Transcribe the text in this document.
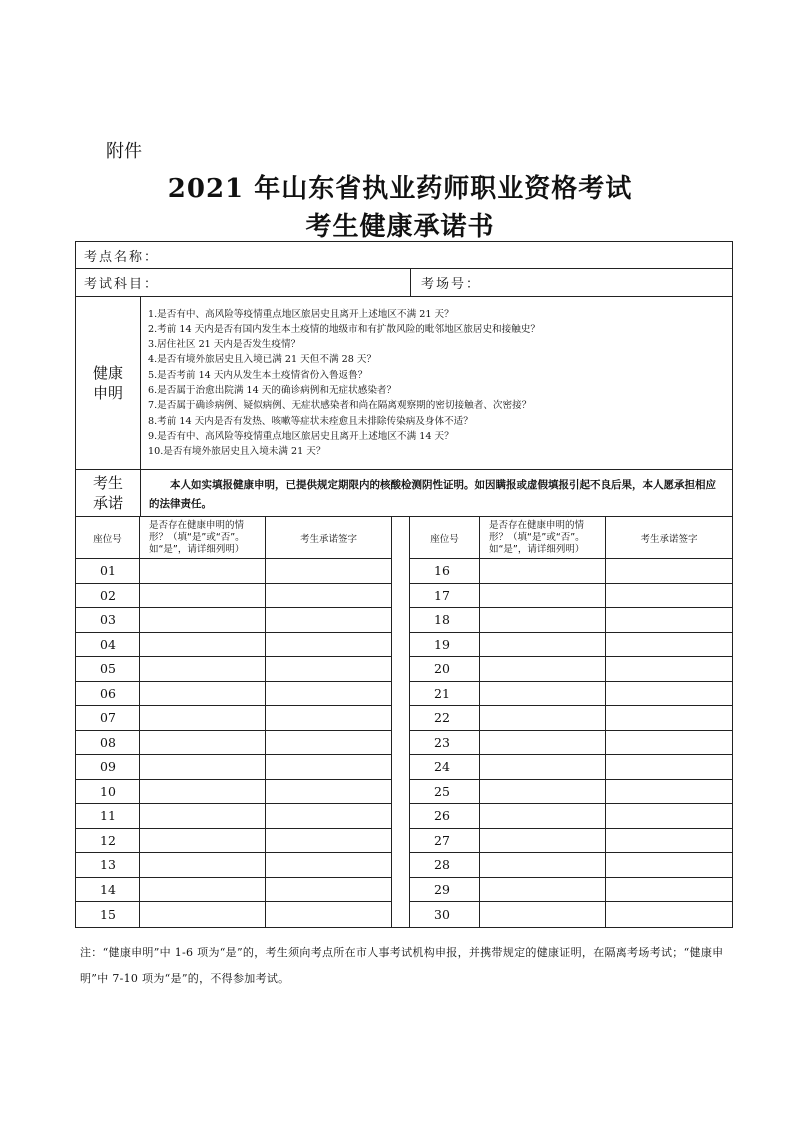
附件
2021 年山东省执业药师职业资格考试
考生健康承诺书
考点名称：
考试科目：	考场号：
健康
申明
1.是否有中、高风险等疫情重点地区旅居史且离开上述地区不满 21 天？
2.考前 14 天内是否有国内发生本土疫情的地级市和有扩散风险的毗邻地区旅居史和接触史？
3.居住社区 21 天内是否发生疫情？
4.是否有境外旅居史且入境已满 21 天但不满 28 天？
5.是否考前 14 天内从发生本土疫情省份入鲁返鲁？
6.是否属于治愈出院满 14 天的确诊病例和无症状感染者？
7.是否属于确诊病例、疑似病例、无症状感染者和尚在隔离观察期的密切接触者、次密接？
8.考前 14 天内是否有发热、咳嗽等症状未痊愈且未排除传染病及身体不适？
9.是否有中、高风险等疫情重点地区旅居史且离开上述地区不满 14 天？
10.是否有境外旅居史且入境未满 21 天？
考生
承诺
本人如实填报健康申明，已提供规定期限内的核酸检测阴性证明。如因瞒报或虚假填报引起不良后果，本人愿承担相应的法律责任。
座位号
是否存在健康申明的情形？（填“是”或“否”。如“是”，请详细列明）
考生承诺签字
01
02
03
04
05
06
07
08
09
10
11
12
13
14
15
座位号
是否存在健康申明的情形？（填“是”或“否”。如“是”，请详细列明）
考生承诺签字
16
17
18
19
20
21
22
23
24
25
26
27
28
29
30
注：“健康申明”中 1-6 项为“是”的，考生须向考点所在市人事考试机构申报，并携带规定的健康证明，在隔离考场考试；“健康申明”中 7-10 项为“是”的，不得参加考试。
